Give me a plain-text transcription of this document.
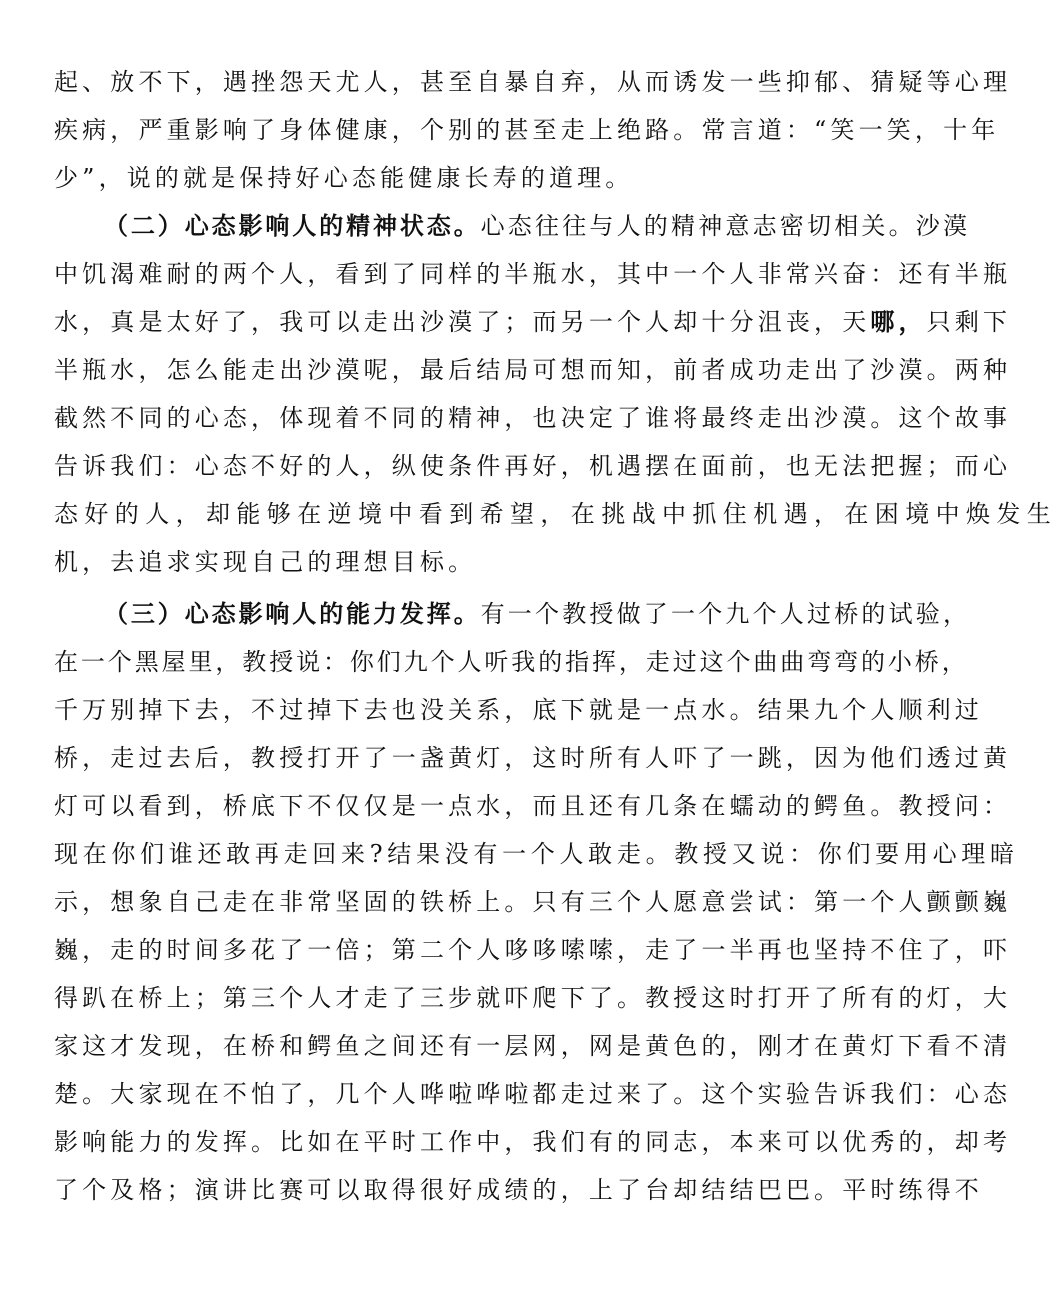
起、放不下，遇挫怨天尤人，甚至自暴自弃，从而诱发一些抑郁、猜疑等心理
疾病，严重影响了身体健康，个别的甚至走上绝路。常言道：“笑一笑，十年
少”，说的就是保持好心态能健康长寿的道理。
（二）心态影响人的精神状态。心态往往与人的精神意志密切相关。沙漠
中饥渴难耐的两个人，看到了同样的半瓶水，其中一个人非常兴奋：还有半瓶
水，真是太好了，我可以走出沙漠了；而另一个人却十分沮丧，天哪，只剩下
半瓶水，怎么能走出沙漠呢，最后结局可想而知，前者成功走出了沙漠。两种
截然不同的心态，体现着不同的精神，也决定了谁将最终走出沙漠。这个故事
告诉我们：心态不好的人，纵使条件再好，机遇摆在面前，也无法把握；而心
态好的人，却能够在逆境中看到希望，在挑战中抓住机遇，在困境中焕发生
机，去追求实现自己的理想目标。
（三）心态影响人的能力发挥。有一个教授做了一个九个人过桥的试验，
在一个黑屋里，教授说：你们九个人听我的指挥，走过这个曲曲弯弯的小桥，
千万别掉下去，不过掉下去也没关系，底下就是一点水。结果九个人顺利过
桥，走过去后，教授打开了一盏黄灯，这时所有人吓了一跳，因为他们透过黄
灯可以看到，桥底下不仅仅是一点水，而且还有几条在蠕动的鳄鱼。教授问：
现在你们谁还敢再走回来?结果没有一个人敢走。教授又说：你们要用心理暗
示，想象自己走在非常坚固的铁桥上。只有三个人愿意尝试：第一个人颤颤巍
巍，走的时间多花了一倍；第二个人哆哆嗦嗦，走了一半再也坚持不住了，吓
得趴在桥上；第三个人才走了三步就吓爬下了。教授这时打开了所有的灯，大
家这才发现，在桥和鳄鱼之间还有一层网，网是黄色的，刚才在黄灯下看不清
楚。大家现在不怕了，几个人哗啦哗啦都走过来了。这个实验告诉我们：心态
影响能力的发挥。比如在平时工作中，我们有的同志，本来可以优秀的，却考
了个及格；演讲比赛可以取得很好成绩的，上了台却结结巴巴。平时练得不
